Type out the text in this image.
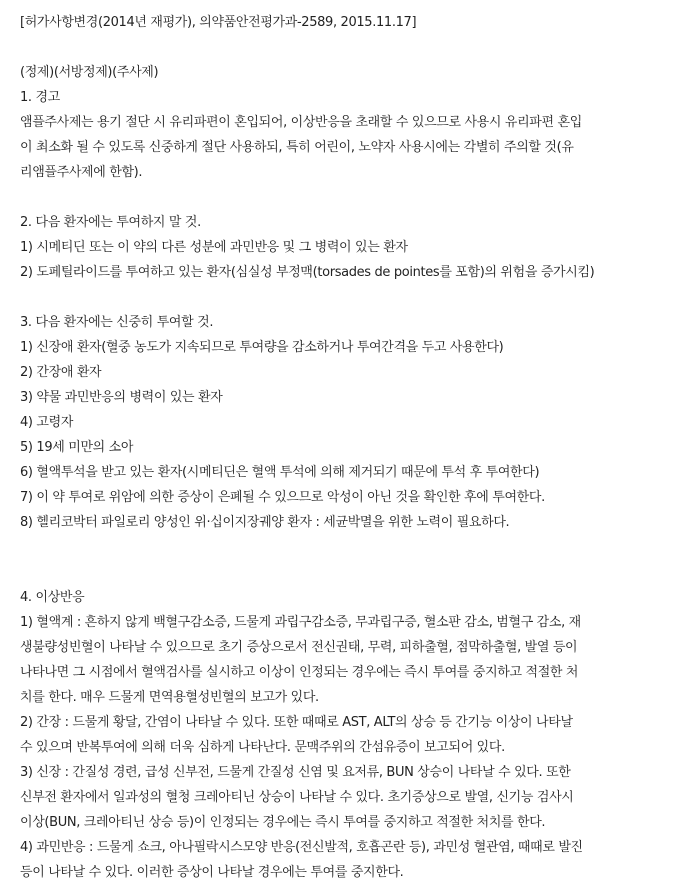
[허가사항변경(2014년 재평가), 의약품안전평가과-2589, 2015.11.17]
(정제)(서방정제)(주사제)
1. 경고
앰플주사제는 용기 절단 시 유리파편이 혼입되어, 이상반응을 초래할 수 있으므로 사용시 유리파편 혼입
이 최소화 될 수 있도록 신중하게 절단 사용하되, 특히 어린이, 노약자 사용시에는 각별히 주의할 것(유
리앰플주사제에 한함).
2. 다음 환자에는 투여하지 말 것.
1) 시메티딘 또는 이 약의 다른 성분에 과민반응 및 그 병력이 있는 환자
2) 도페틸라이드를 투여하고 있는 환자(심실성 부정맥(torsades de pointes를 포함)의 위험을 증가시킴)
3. 다음 환자에는 신중히 투여할 것.
1) 신장애 환자(혈중 농도가 지속되므로 투여량을 감소하거나 투여간격을 두고 사용한다)
2) 간장애 환자
3) 약물 과민반응의 병력이 있는 환자
4) 고령자
5) 19세 미만의 소아
6) 혈액투석을 받고 있는 환자(시메티딘은 혈액 투석에 의해 제거되기 때문에 투석 후 투여한다)
7) 이 약 투여로 위암에 의한 증상이 은폐될 수 있으므로 악성이 아닌 것을 확인한 후에 투여한다.
8) 헬리코박터 파일로리 양성인 위·십이지장궤양 환자 : 세균박멸을 위한 노력이 필요하다.
4. 이상반응
1) 혈액계 : 흔하지 않게 백혈구감소증, 드물게 과립구감소증, 무과립구증, 혈소판 감소, 범혈구 감소, 재
생불량성빈혈이 나타날 수 있으므로 초기 증상으로서 전신권태, 무력, 피하출혈, 점막하출혈, 발열 등이
나타나면 그 시점에서 혈액검사를 실시하고 이상이 인정되는 경우에는 즉시 투여를 중지하고 적절한 처
치를 한다. 매우 드물게 면역용혈성빈혈의 보고가 있다.
2) 간장 : 드물게 황달, 간염이 나타날 수 있다. 또한 때때로 AST, ALT의 상승 등 간기능 이상이 나타날
수 있으며 반복투여에 의해 더욱 심하게 나타난다. 문맥주위의 간섬유증이 보고되어 있다.
3) 신장 : 간질성 경련, 급성 신부전, 드물게 간질성 신염 및 요저류, BUN 상승이 나타날 수 있다. 또한
신부전 환자에서 일과성의 혈청 크레아티닌 상승이 나타날 수 있다. 초기증상으로 발열, 신기능 검사시
이상(BUN, 크레아티닌 상승 등)이 인정되는 경우에는 즉시 투여를 중지하고 적절한 처치를 한다.
4) 과민반응 : 드물게 쇼크, 아나필락시스모양 반응(전신발적, 호흡곤란 등), 과민성 혈관염, 때때로 발진
등이 나타날 수 있다. 이러한 증상이 나타날 경우에는 투여를 중지한다.
